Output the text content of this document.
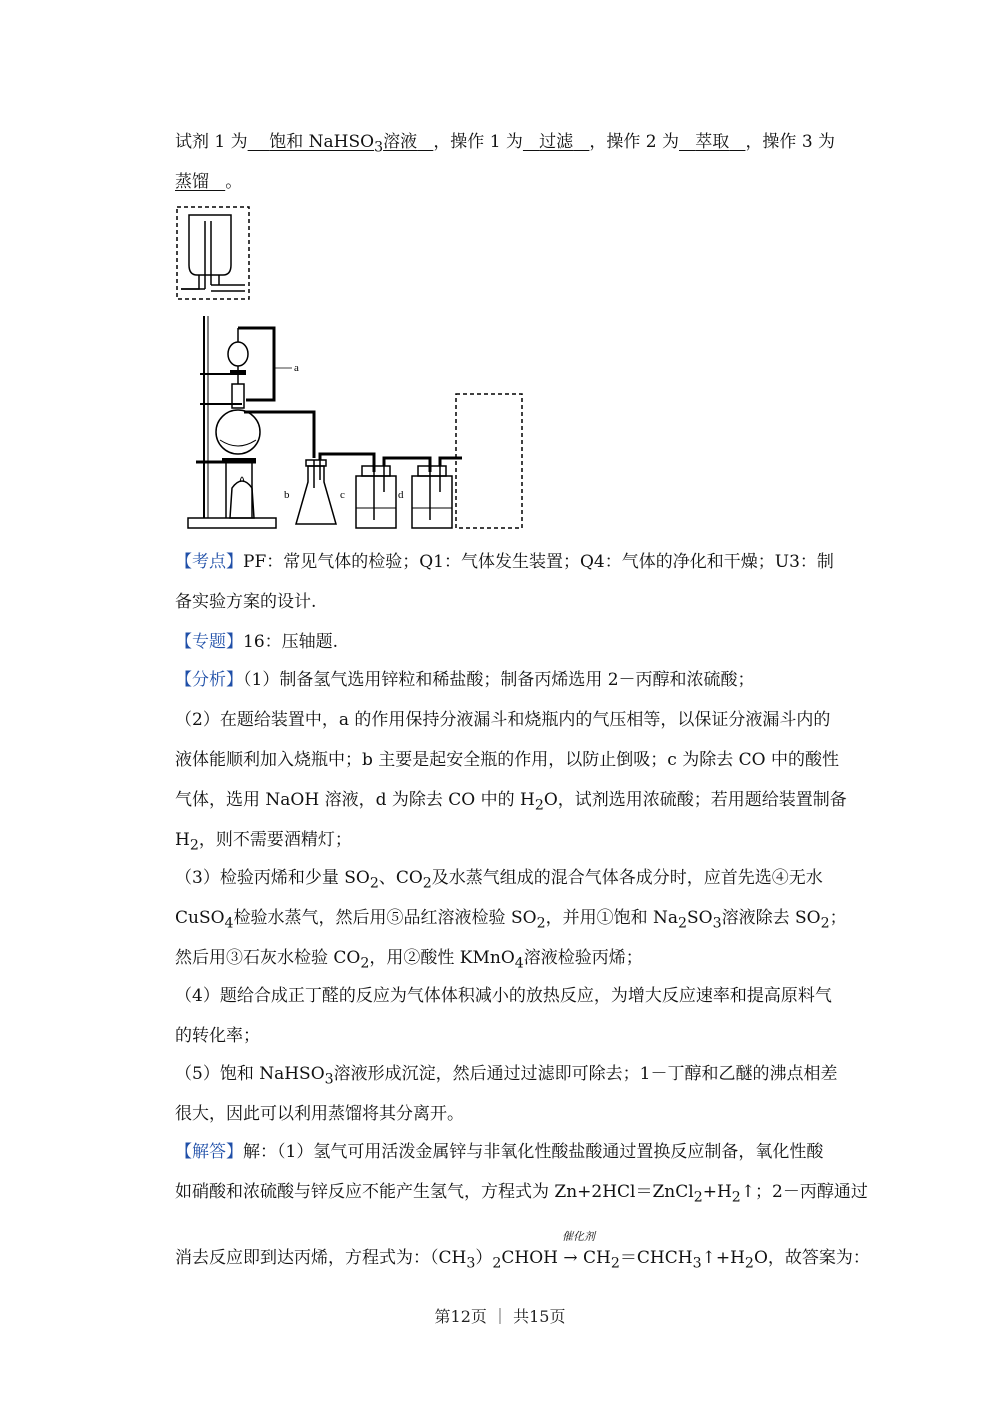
试剂 1 为 饱和 NaHSO$_3$溶液 ，操作 1 为 过滤 ，操作 2 为 萃取 ，操作 3 为
蒸馏 。
a
b	c	d
【考点】PF：常见气体的检验；Q1：气体发生装置；Q4：气体的净化和干燥；U3：制
备实验方案的设计.
【专题】16：压轴题.
【分析】（1）制备氢气选用锌粒和稀盐酸；制备丙烯选用 2－丙醇和浓硫酸；
（2）在题给装置中，a 的作用保持分液漏斗和烧瓶内的气压相等，以保证分液漏斗内的
液体能顺利加入烧瓶中；b 主要是起安全瓶的作用，以防止倒吸；c 为除去 CO 中的酸性
气体，选用 NaOH 溶液，d 为除去 CO 中的 $H_2O$，试剂选用浓硫酸；若用题给装置制备
$H_2$，则不需要酒精灯；
（3）检验丙烯和少量 $SO_2$、$CO_2$及水蒸气组成的混合气体各成分时，应首先选④无水
CuSO$_4$检验水蒸气，然后用⑤品红溶液检验 $SO_2$，并用①饱和 $Na_2SO_3$溶液除去 $SO_2$；
然后用③石灰水检验 $CO_2$，用②酸性 KMnO$_4$溶液检验丙烯；
（4）题给合成正丁醛的反应为气体体积减小的放热反应，为增大反应速率和提高原料气
的转化率；
（5）饱和 NaHSO$_3$溶液形成沉淀，然后通过过滤即可除去；1－丁醇和乙醚的沸点相差
很大，因此可以利用蒸馏将其分离开。
【解答】解：（1）氢气可用活泼金属锌与非氧化性酸盐酸通过置换反应制备，氧化性酸
如硝酸和浓硫酸与锌反应不能产生氢气，方程式为 $Zn+2HCl=ZnCl_2+H_2↑$；2－丙醇通过
催化剂
消去反应即到达丙烯，方程式为：$(CH_3)_2CHOH$ → $CH_2=CHCH_3↑+H_2O$，故答案为：
第12页 ｜ 共15页
